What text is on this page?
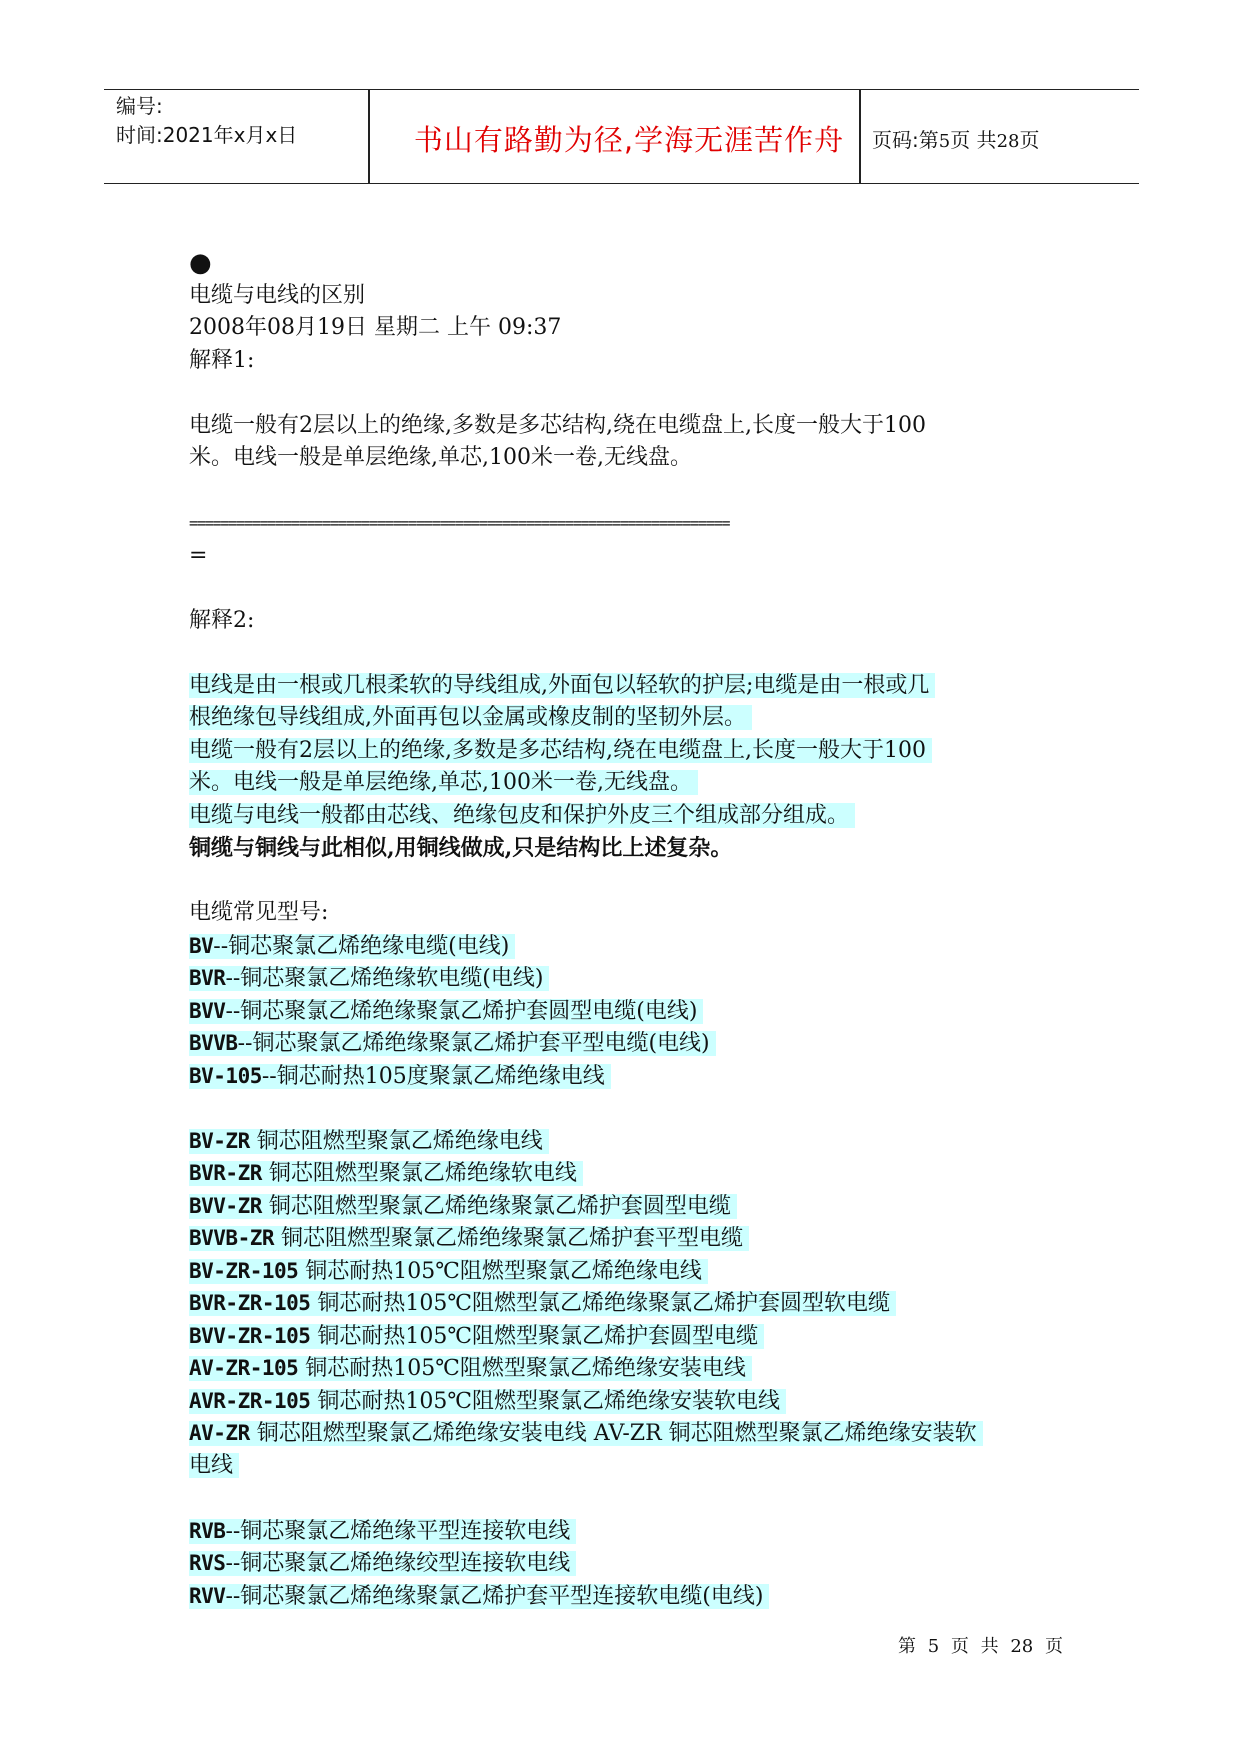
编号:
时间:2021年x月x日	书山有路勤为径,学海无涯苦作舟	页码:第5页 共28页
●
电缆与电线的区别
2008年08月19日 星期二 上午 09:37
解释1:
电缆一般有2层以上的绝缘,多数是多芯结构,绕在电缆盘上,长度一般大于100
米。电线一般是单层绝缘,单芯,100米一卷,无线盘。
=====================================================================
=
解释2:
电线是由一根或几根柔软的导线组成,外面包以轻软的护层;电缆是由一根或几
根绝缘包导线组成,外面再包以金属或橡皮制的坚韧外层。
电缆一般有2层以上的绝缘,多数是多芯结构,绕在电缆盘上,长度一般大于100
米。电线一般是单层绝缘,单芯,100米一卷,无线盘。
电缆与电线一般都由芯线、绝缘包皮和保护外皮三个组成部分组成。
铜缆与铜线与此相似,用铜线做成,只是结构比上述复杂。
电缆常见型号:
BV--铜芯聚氯乙烯绝缘电缆(电线)
BVR--铜芯聚氯乙烯绝缘软电缆(电线)
BVV--铜芯聚氯乙烯绝缘聚氯乙烯护套圆型电缆(电线)
BVVB--铜芯聚氯乙烯绝缘聚氯乙烯护套平型电缆(电线)
BV-105--铜芯耐热105度聚氯乙烯绝缘电线
BV-ZR 铜芯阻燃型聚氯乙烯绝缘电线
BVR-ZR 铜芯阻燃型聚氯乙烯绝缘软电线
BVV-ZR 铜芯阻燃型聚氯乙烯绝缘聚氯乙烯护套圆型电缆
BVVB-ZR 铜芯阻燃型聚氯乙烯绝缘聚氯乙烯护套平型电缆
BV-ZR-105 铜芯耐热105℃阻燃型聚氯乙烯绝缘电线
BVR-ZR-105 铜芯耐热105℃阻燃型氯乙烯绝缘聚氯乙烯护套圆型软电缆
BVV-ZR-105 铜芯耐热105℃阻燃型聚氯乙烯护套圆型电缆
AV-ZR-105 铜芯耐热105℃阻燃型聚氯乙烯绝缘安装电线
AVR-ZR-105 铜芯耐热105℃阻燃型聚氯乙烯绝缘安装软电线
AV-ZR 铜芯阻燃型聚氯乙烯绝缘安装电线 AV-ZR 铜芯阻燃型聚氯乙烯绝缘安装软
电线
RVB--铜芯聚氯乙烯绝缘平型连接软电线
RVS--铜芯聚氯乙烯绝缘绞型连接软电线
RVV--铜芯聚氯乙烯绝缘聚氯乙烯护套平型连接软电缆(电线)
第 5 页 共 28 页
